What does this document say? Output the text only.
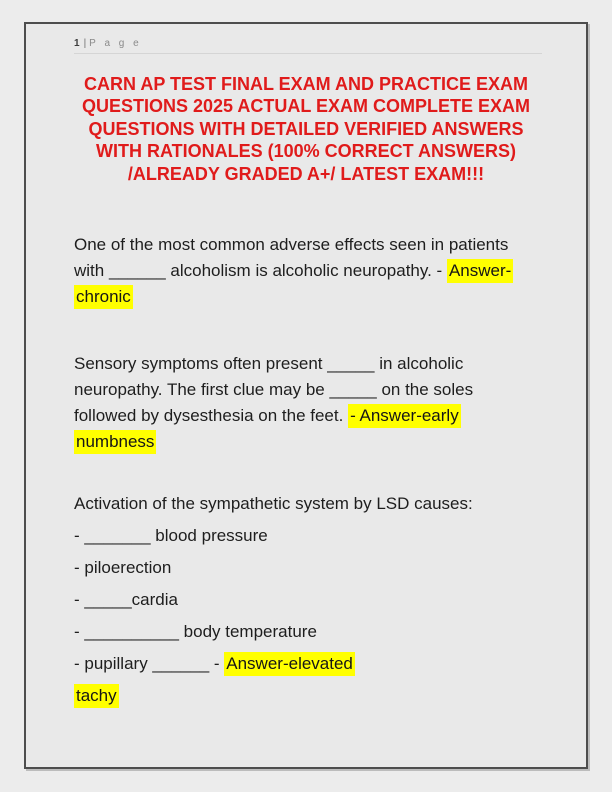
1 | P a g e
CARN AP TEST FINAL EXAM AND PRACTICE EXAM
QUESTIONS 2025 ACTUAL EXAM COMPLETE EXAM
QUESTIONS WITH DETAILED VERIFIED ANSWERS
WITH RATIONALES (100% CORRECT ANSWERS)
/ALREADY GRADED A+/ LATEST EXAM!!!
One of the most common adverse effects seen in patients
with ______ alcoholism is alcoholic neuropathy. - Answer-
chronic
Sensory symptoms often present _____ in alcoholic
neuropathy. The first clue may be _____ on the soles
followed by dysesthesia on the feet. - Answer-early
numbness
Activation of the sympathetic system by LSD causes:
- _______ blood pressure
- piloerection
- _____cardia
- __________ body temperature
- pupillary ______ - Answer-elevated
tachy
